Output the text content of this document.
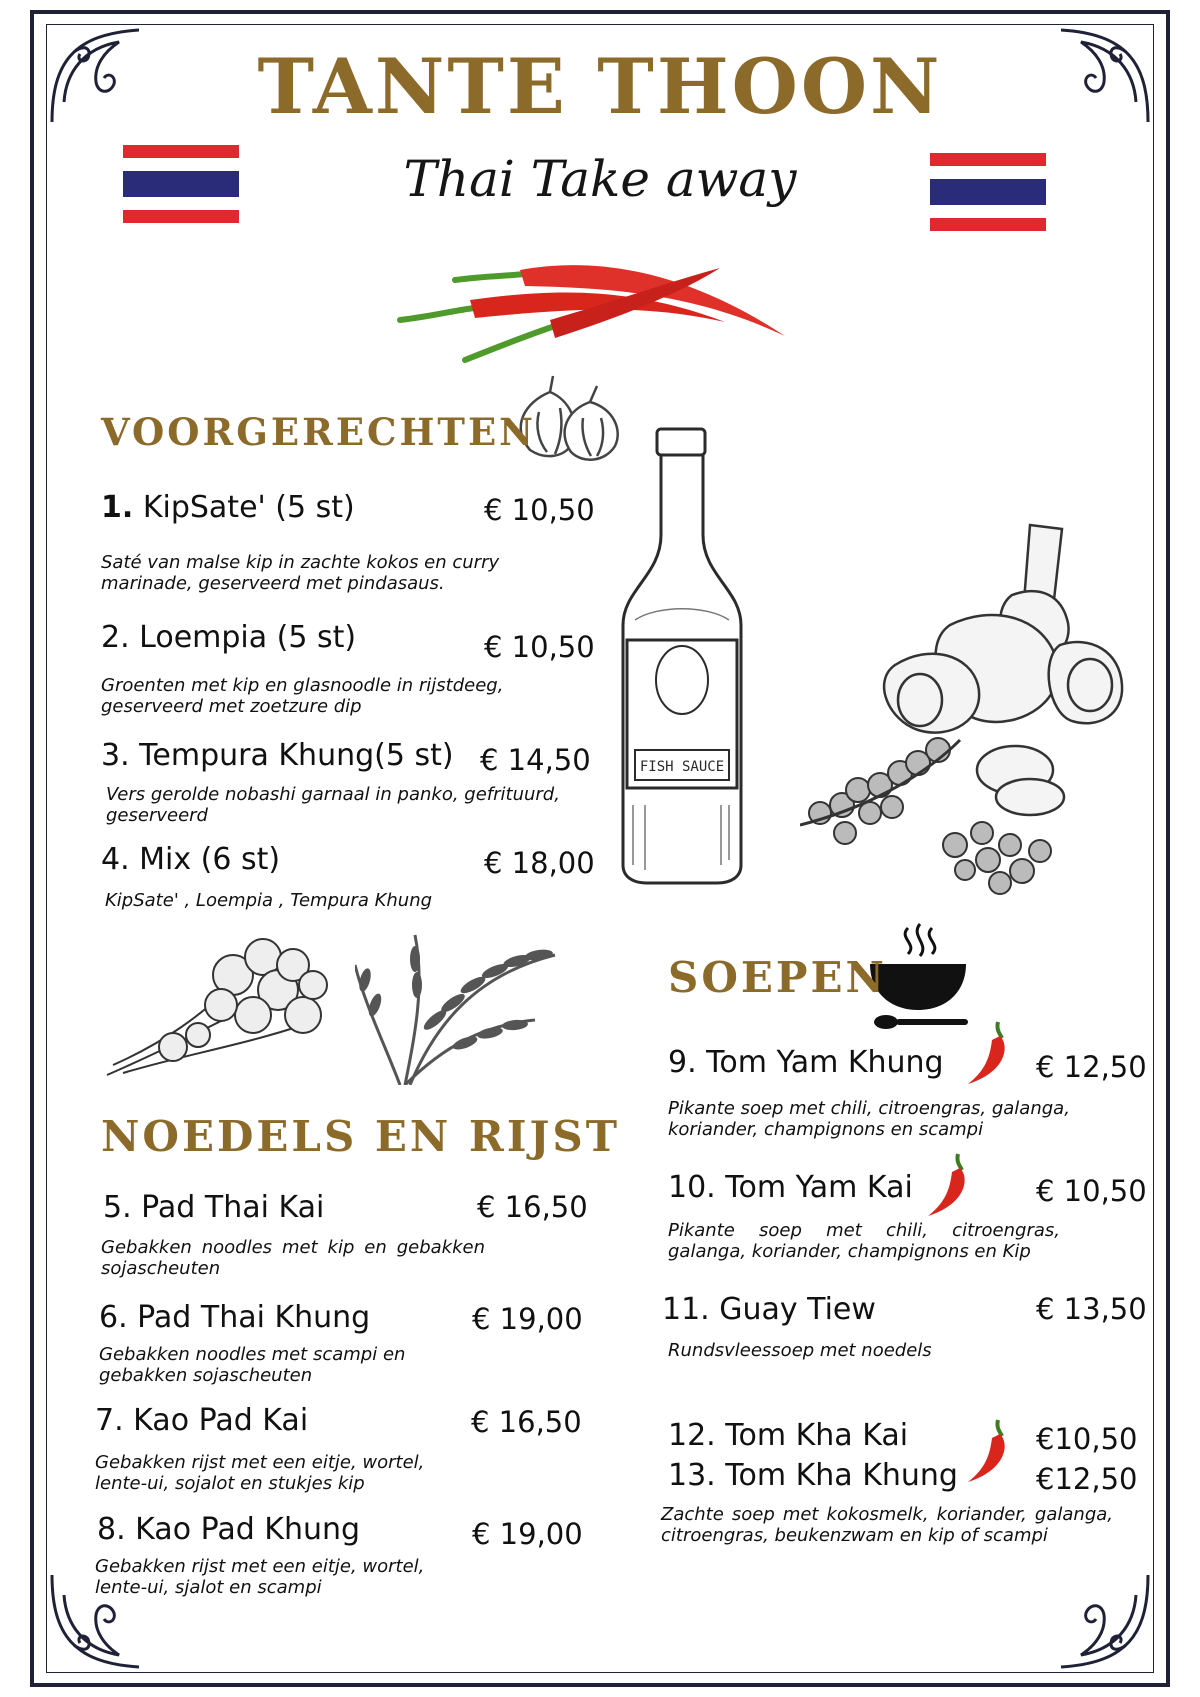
TANTE THOON
Thai Take away
FISH SAUCE
VOORGERECHTEN
1. KipSate' (5 st)	€ 10,50
Saté van malse kip in zachte kokos en curry marinade, geserveerd met pindasaus.
2. Loempia (5 st)	€ 10,50
Groenten met kip en glasnoodle in rijstdeeg, geserveerd met zoetzure dip
3. Tempura Khung(5 st) € 14,50
Vers gerolde nobashi garnaal in panko, gefrituurd, geserveerd
4. Mix (6 st)	€ 18,00
KipSate' , Loempia , Tempura Khung
NOEDELS EN RIJST
5. Pad Thai Kai	€ 16,50
Gebakken noodles met kip en gebakken sojascheuten
6. Pad Thai Khung	€ 19,00
Gebakken noodles met scampi en gebakken sojascheuten
7. Kao Pad Kai	€ 16,50
Gebakken rijst met een eitje, wortel, lente-ui, sojalot en stukjes kip
8. Kao Pad Khung	€ 19,00
Gebakken rijst met een eitje, wortel, lente-ui, sjalot en scampi
SOEPEN
9. Tom Yam Khung	€ 12,50
Pikante soep met chili, citroengras, galanga, koriander, champignons en scampi
10. Tom Yam Kai	€ 10,50
Pikante soep met chili, citroengras, galanga, koriander, champignons en Kip
11. Guay Tiew	€ 13,50
Rundsvleessoep met noedels
12. Tom Kha Kai	€10,50
13. Tom Kha Khung	€12,50
Zachte soep met kokosmelk, koriander, galanga, citroengras, beukenzwam en kip of scampi
